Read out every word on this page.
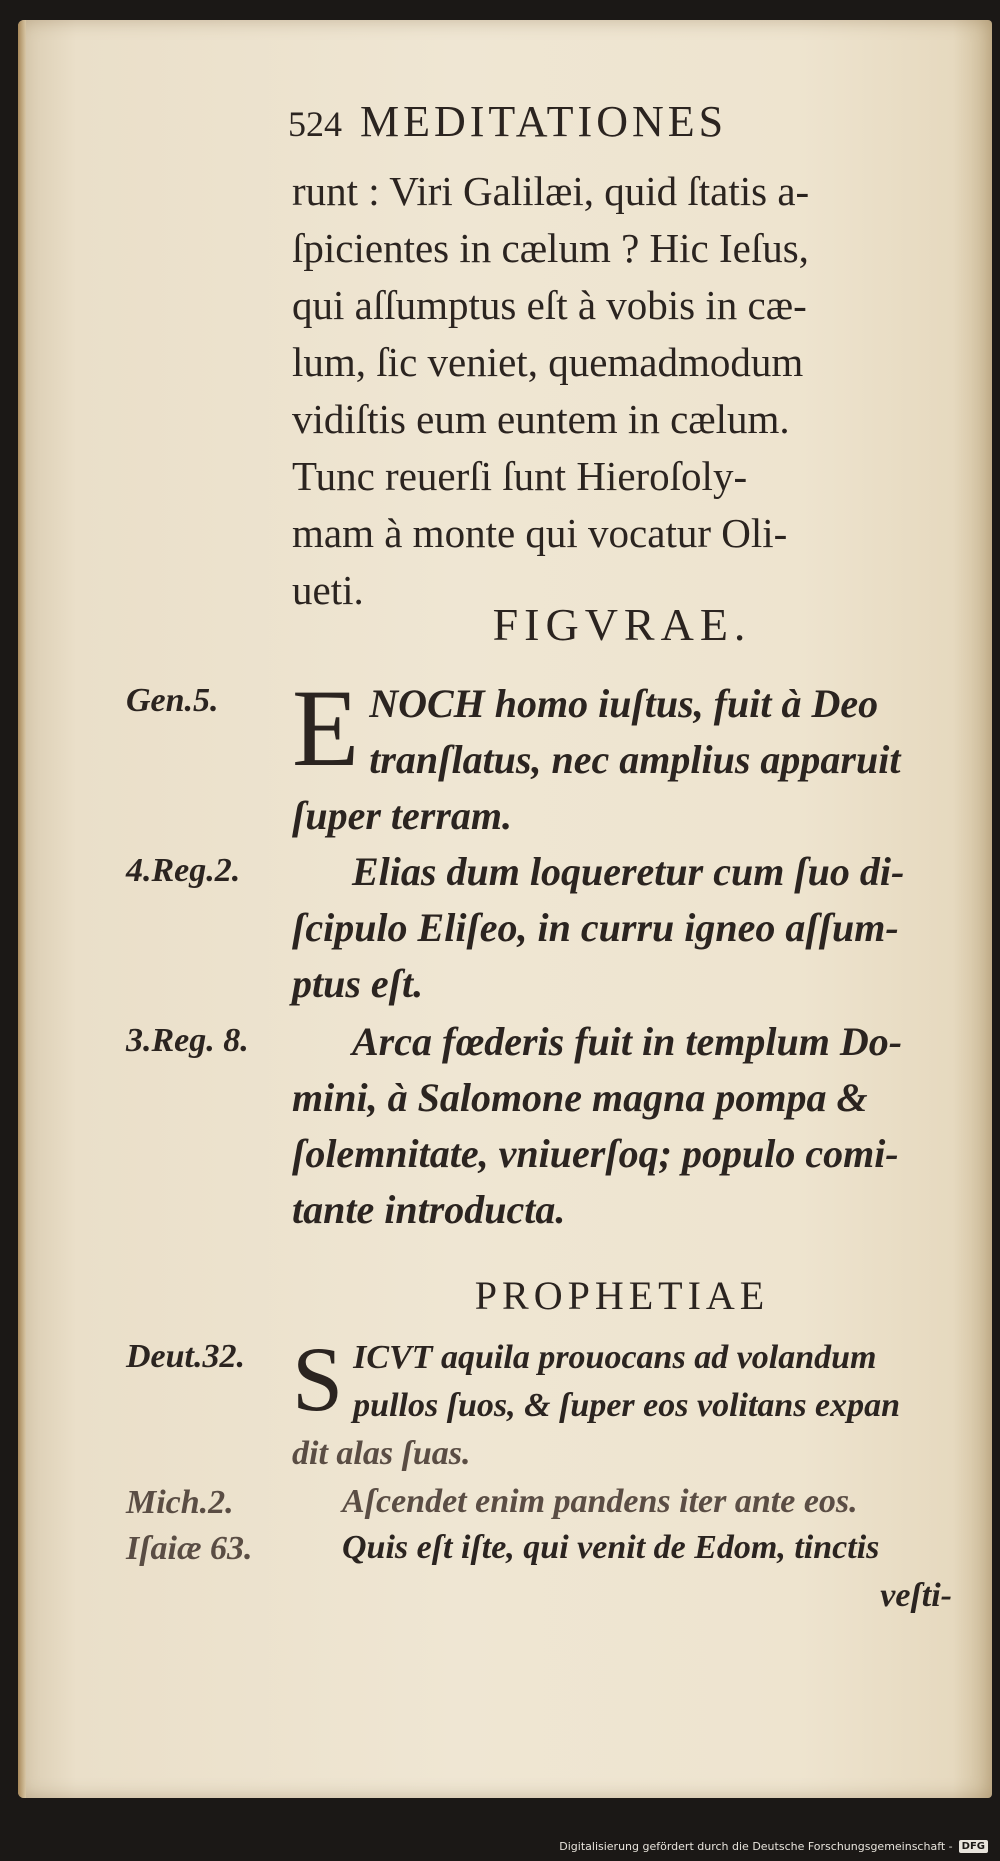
524 MEDITATIONES
runt : Viri Galilæi, quid ſtatis a-
ſpicientes in cælum ? Hic Ieſus,
qui aſſumptus eſt à vobis in cæ-
lum, ſic veniet, quemadmodum
vidiſtis eum euntem in cælum.
Tunc reuerſi ſunt Hieroſoly-
mam à monte qui vocatur Oli-
ueti.
FIGVRAE.
Gen.5. E NOCH homo iuſtus, fuit à Deo
tranſlatus, nec amplius apparuit
ſuper terram.
4.Reg.2.	Elias dum loqueretur cum ſuo di-
ſcipulo Eliſeo, in curru igneo aſſum-
ptus eſt.
3.Reg. 8.	Arca fœderis fuit in templum Do-
mini, à Salomone magna pompa &
ſolemnitate, vniuerſoq; populo comi-
tante introducta.
PROPHETIAE
Deut.32. S ICVT aquila prouocans ad volandum
pullos ſuos, & ſuper eos volitans expan
dit alas ſuas.
Mich.2.	Aſcendet enim pandens iter ante eos.
Iſaiæ 63.	Quis eſt iſte, qui venit de Edom, tinctis
veſti-
Digitalisierung gefördert durch die Deutsche Forschungsgemeinschaft - DFG
